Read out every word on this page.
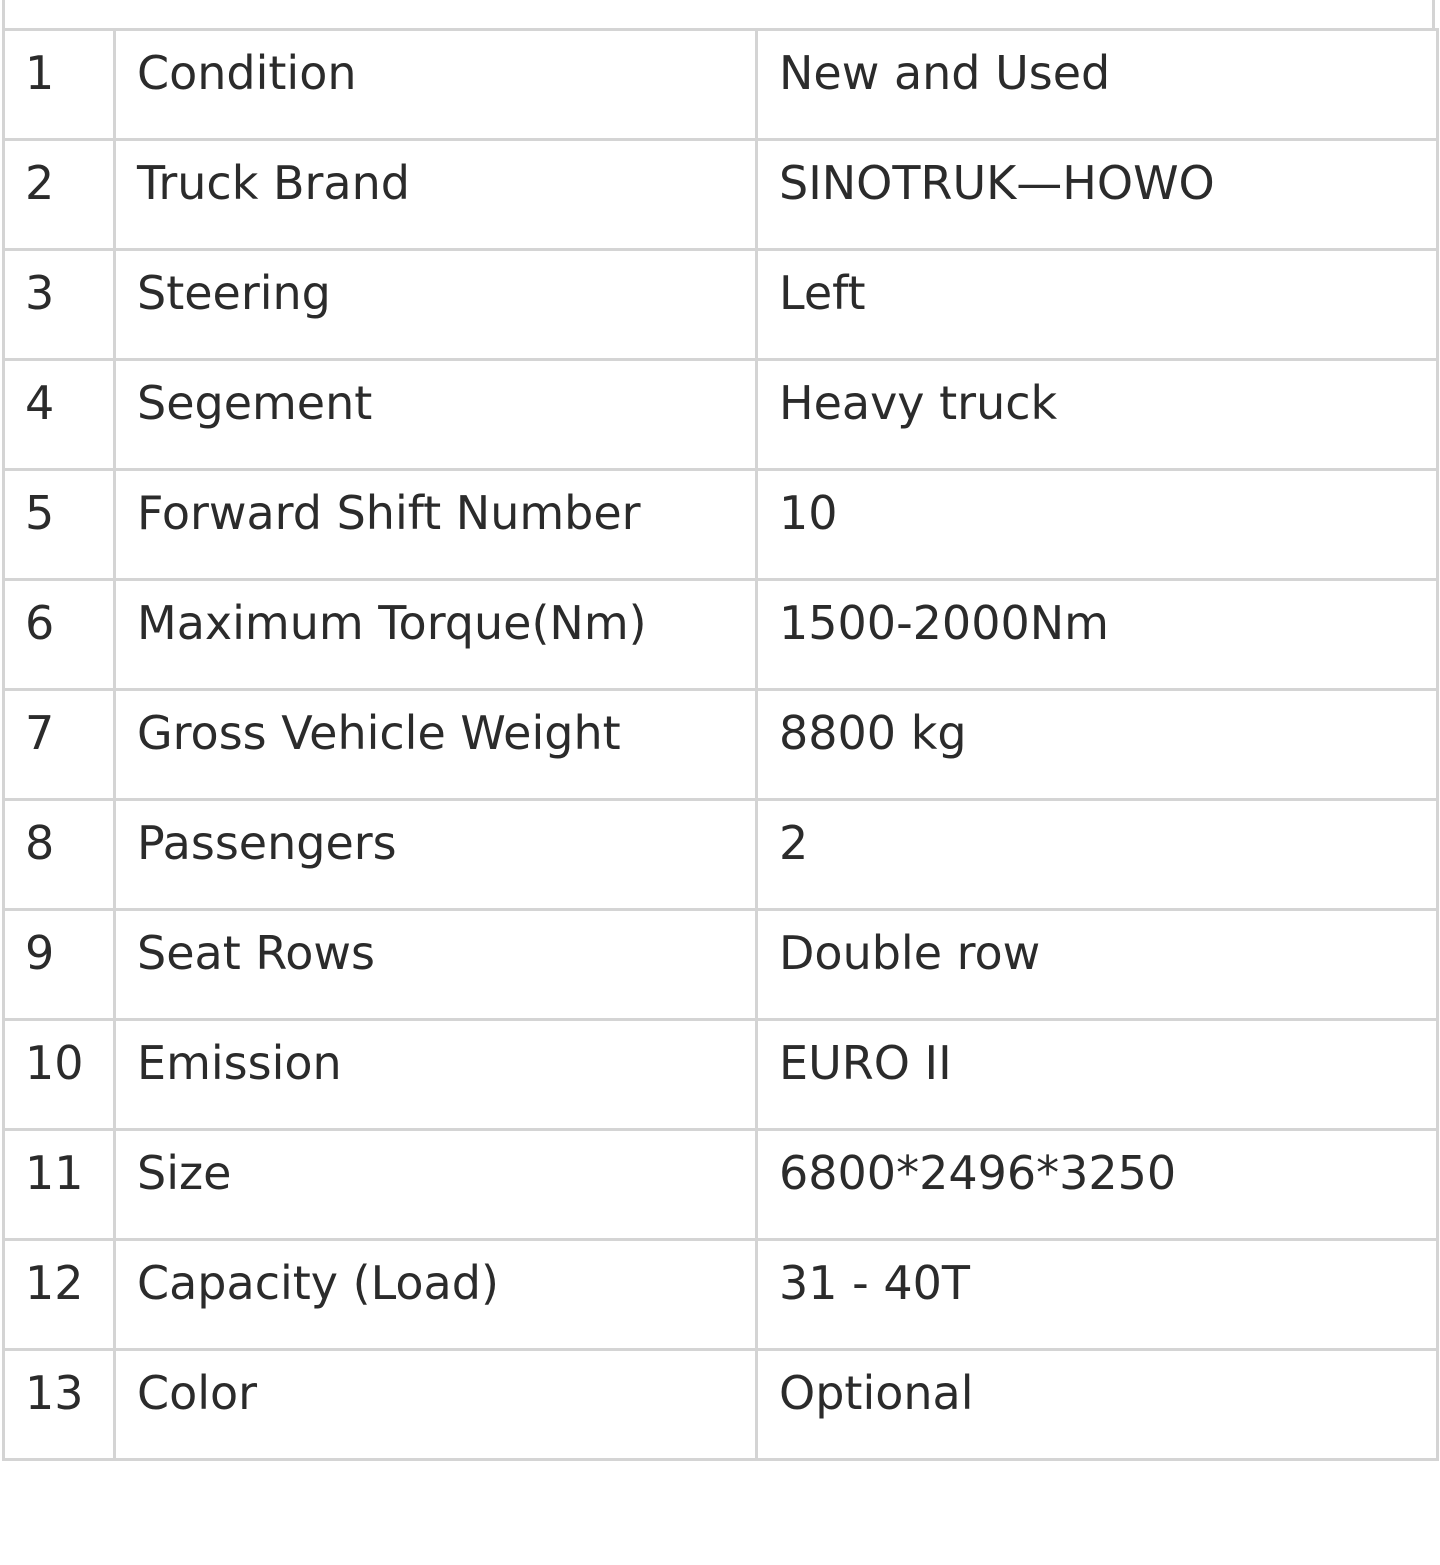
1	Condition	New and Used
2	Truck Brand	SINOTRUK—HOWO
3	Steering	Left
4	Segement	Heavy truck
5	Forward Shift Number	10
6	Maximum Torque(Nm)	1500-2000Nm
7	Gross Vehicle Weight	8800 kg
8	Passengers	2
9	Seat Rows	Double row
10	Emission	EURO II
11	Size	6800*2496*3250
12	Capacity (Load)	31 - 40T
13	Color	Optional
